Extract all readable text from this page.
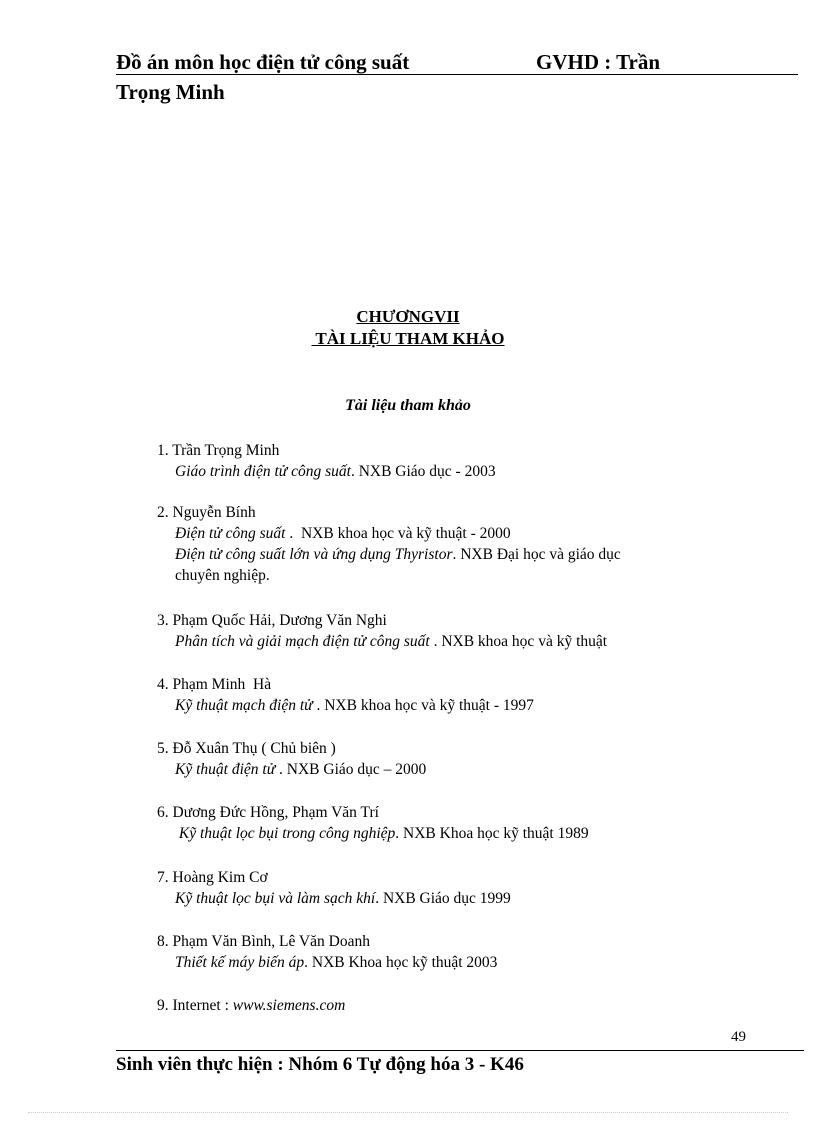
Đồ án môn học điện tử công suất	GVHD : Trần
Trọng Minh
CHƯƠNGVII
TÀI LIỆU THAM KHẢO
Tài liệu tham khảo
1. Trần Trọng Minh
Giáo trình điện tử công suất. NXB Giáo dục - 2003
2. Nguyễn Bính
Điện tử công suất .  NXB khoa học và kỹ thuật - 2000
Điện tử công suất lớn và ứng dụng Thyristor. NXB Đại học và giáo dục
chuyên nghiệp.
3. Phạm Quốc Hải, Dương Văn Nghi
Phân tích và giải mạch điện tử công suất . NXB khoa học và kỹ thuật
4. Phạm Minh  Hà
Kỹ thuật mạch điện tử . NXB khoa học và kỹ thuật - 1997
5. Đỗ Xuân Thụ ( Chủ biên )
Kỹ thuật điện tử . NXB Giáo dục – 2000
6. Dương Đức Hồng, Phạm Văn Trí
Kỹ thuật lọc bụi trong công nghiệp. NXB Khoa học kỹ thuật 1989
7. Hoàng Kim Cơ
Kỹ thuật lọc bụi và làm sạch khí. NXB Giáo dục 1999
8. Phạm Văn Bình, Lê Văn Doanh
Thiết kế máy biến áp. NXB Khoa học kỹ thuật 2003
9. Internet : www.siemens.com
49
Sinh viên thực hiện : Nhóm 6 Tự động hóa 3 - K46
